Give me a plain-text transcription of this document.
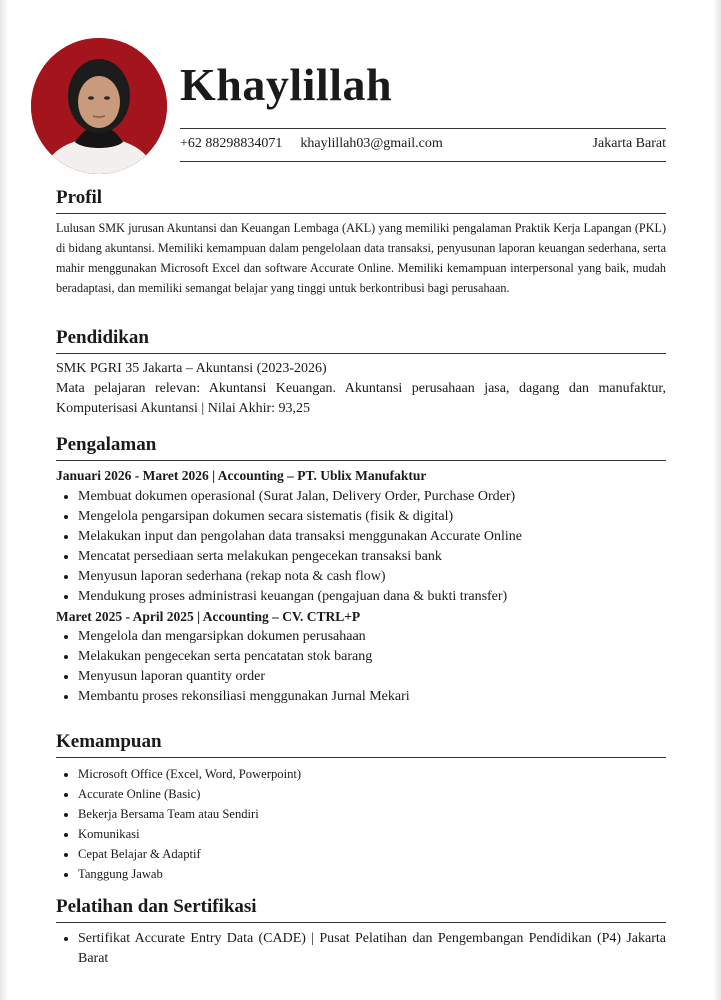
Khaylillah
+62 88298834071 khaylillah03@gmail.com	Jakarta Barat
Profil
Lulusan SMK jurusan Akuntansi dan Keuangan Lembaga (AKL) yang memiliki pengalaman Praktik Kerja Lapangan (PKL) di bidang akuntansi. Memiliki kemampuan dalam pengelolaan data transaksi, penyusunan laporan keuangan sederhana, serta mahir menggunakan Microsoft Excel dan software Accurate Online. Memiliki kemampuan interpersonal yang baik, mudah beradaptasi, dan memiliki semangat belajar yang tinggi untuk berkontribusi bagi perusahaan.
Pendidikan

SMK PGRI 35 Jakarta – Akuntansi (2023-2026)

Mata pelajaran relevan: Akuntansi Keuangan. Akuntansi perusahaan jasa, dagang dan manufaktur, Komputerisasi Akuntansi | Nilai Akhir: 93,25

Pengalaman
Januari 2026 - Maret 2026 | Accounting – PT. Ublix Manufaktur
• Membuat dokumen operasional (Surat Jalan, Delivery Order, Purchase Order)
• Mengelola pengarsipan dokumen secara sistematis (fisik & digital)
• Melakukan input dan pengolahan data transaksi menggunakan Accurate Online
• Mencatat persediaan serta melakukan pengecekan transaksi bank
• Menyusun laporan sederhana (rekap nota & cash flow)
• Mendukung proses administrasi keuangan (pengajuan dana & bukti transfer)
Maret 2025 - April 2025 | Accounting – CV. CTRL+P
• Mengelola dan mengarsipkan dokumen perusahaan
• Melakukan pengecekan serta pencatatan stok barang
• Menyusun laporan quantity order
• Membantu proses rekonsiliasi menggunakan Jurnal Mekari
Kemampuan
• Microsoft Office (Excel, Word, Powerpoint)
• Accurate Online (Basic)
• Bekerja Bersama Team atau Sendiri
• Komunikasi
• Cepat Belajar & Adaptif
• Tanggung Jawab
Pelatihan dan Sertifikasi
• Sertifikat Accurate Entry Data (CADE) | Pusat Pelatihan dan Pengembangan Pendidikan (P4) Jakarta Barat
